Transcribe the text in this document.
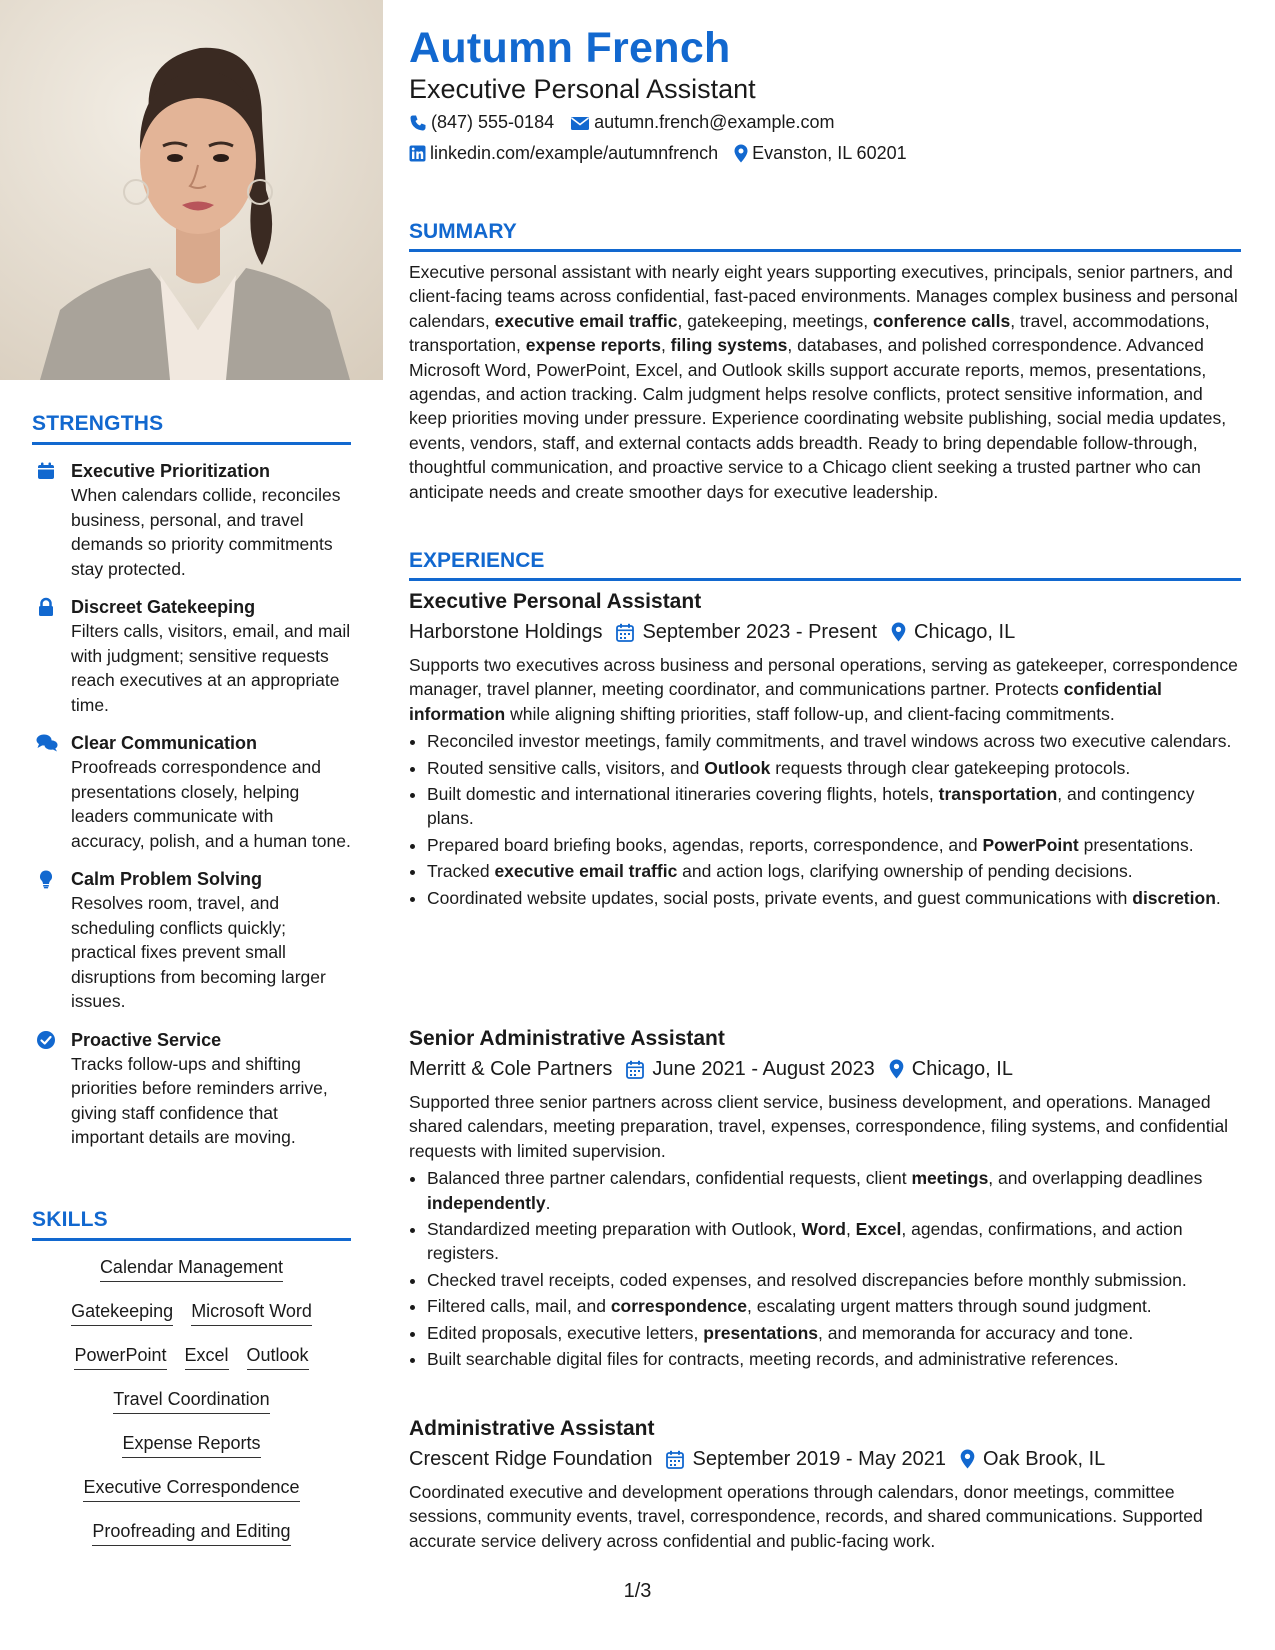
STRENGTHS
Executive Prioritization
When calendars collide, reconciles business, personal, and travel demands so priority commitments stay protected.
Discreet Gatekeeping
Filters calls, visitors, email, and mail with judgment; sensitive requests reach executives at an appropriate time.
Clear Communication
Proofreads correspondence and presentations closely, helping leaders communicate with accuracy, polish, and a human tone.
Calm Problem Solving
Resolves room, travel, and scheduling conflicts quickly; practical fixes prevent small disruptions from becoming larger issues.
Proactive Service
Tracks follow-ups and shifting priorities before reminders arrive, giving staff confidence that important details are moving.
SKILLS
Calendar Management
Gatekeeping Microsoft Word
PowerPoint Excel Outlook
Travel Coordination
Expense Reports
Executive Correspondence
Proofreading and Editing
Autumn French
Executive Personal Assistant
(847) 555-0184 autumn.french@example.com
linkedin.com/example/autumnfrench Evanston, IL 60201
SUMMARY

Executive personal assistant with nearly eight years supporting executives, principals, senior partners, and client-facing teams across confidential, fast-paced environments. Manages complex business and personal calendars, executive email traffic, gatekeeping, meetings, conference calls, travel, accommodations, transportation, expense reports, filing systems, databases, and polished correspondence. Advanced Microsoft Word, PowerPoint, Excel, and Outlook skills support accurate reports, memos, presentations, agendas, and action tracking. Calm judgment helps resolve conflicts, protect sensitive information, and keep priorities moving under pressure. Experience coordinating website publishing, social media updates, events, vendors, staff, and external contacts adds breadth. Ready to bring dependable follow-through, thoughtful communication, and proactive service to a Chicago client seeking a trusted partner who can anticipate needs and create smoother days for executive leadership.

EXPERIENCE
Executive Personal Assistant
Harborstone Holdings September 2023 - Present Chicago, IL

Supports two executives across business and personal operations, serving as gatekeeper, correspondence manager, travel planner, meeting coordinator, and communications partner. Protects confidential information while aligning shifting priorities, staff follow-up, and client-facing commitments.

• Reconciled investor meetings, family commitments, and travel windows across two executive calendars.
• Routed sensitive calls, visitors, and Outlook requests through clear gatekeeping protocols.
• Built domestic and international itineraries covering flights, hotels, transportation, and contingency plans.
• Prepared board briefing books, agendas, reports, correspondence, and PowerPoint presentations.
• Tracked executive email traffic and action logs, clarifying ownership of pending decisions.
• Coordinated website updates, social posts, private events, and guest communications with discretion.
Senior Administrative Assistant
Merritt & Cole Partners June 2021 - August 2023 Chicago, IL

Supported three senior partners across client service, business development, and operations. Managed shared calendars, meeting preparation, travel, expenses, correspondence, filing systems, and confidential requests with limited supervision.

• Balanced three partner calendars, confidential requests, client meetings, and overlapping deadlines independently.
• Standardized meeting preparation with Outlook, Word, Excel, agendas, confirmations, and action registers.
• Checked travel receipts, coded expenses, and resolved discrepancies before monthly submission.
• Filtered calls, mail, and correspondence, escalating urgent matters through sound judgment.
• Edited proposals, executive letters, presentations, and memoranda for accuracy and tone.
• Built searchable digital files for contracts, meeting records, and administrative references.
Administrative Assistant
Crescent Ridge Foundation September 2019 - May 2021 Oak Brook, IL

Coordinated executive and development operations through calendars, donor meetings, committee sessions, community events, travel, correspondence, records, and shared communications. Supported accurate service delivery across confidential and public-facing work.

1/3
